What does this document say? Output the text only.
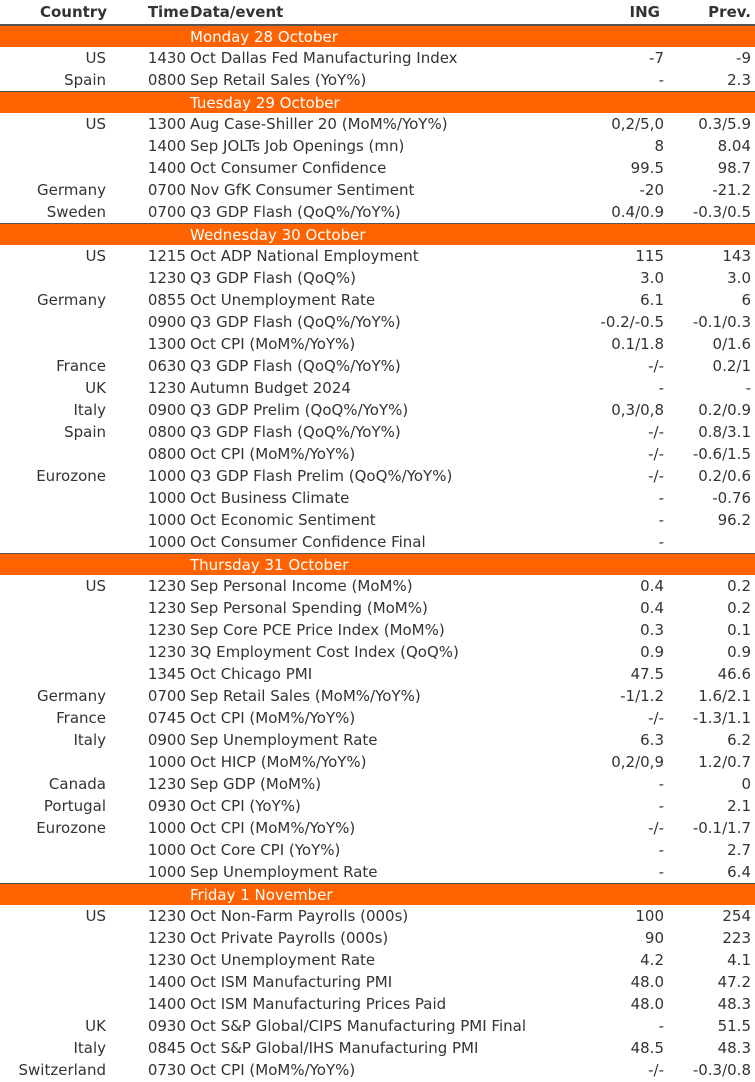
Country	Time Data/event	ING	Prev.
Monday 28 October
US	1430 Oct Dallas Fed Manufacturing Index	-7	-9
Spain	0800 Sep Retail Sales (YoY%)	-	2.3
Tuesday 29 October
US	1300 Aug Case-Shiller 20 (MoM%/YoY%)	0,2/5,0 0.3/5.9
1400 Sep JOLTs Job Openings (mn)	8	8.04
1400 Oct Consumer Confidence	99.5	98.7
Germany	0700 Nov GfK Consumer Sentiment	-20	-21.2
Sweden	0700 Q3 GDP Flash (QoQ%/YoY%)	0.4/0.9 -0.3/0.5
Wednesday 30 October
US	1215 Oct ADP National Employment	115	143
1230 Q3 GDP Flash (QoQ%)	3.0	3.0
Germany	0855 Oct Unemployment Rate	6.1	6
0900 Q3 GDP Flash (QoQ%/YoY%)	-0.2/-0.5 -0.1/0.3
1300 Oct CPI (MoM%/YoY%)	0.1/1.8	0/1.6
France	0630 Q3 GDP Flash (QoQ%/YoY%)	-/-	0.2/1
UK	1230 Autumn Budget 2024	-	-
Italy	0900 Q3 GDP Prelim (QoQ%/YoY%)	0,3/0,8 0.2/0.9
Spain	0800 Q3 GDP Flash (QoQ%/YoY%)	-/- 0.8/3.1
0800 Oct CPI (MoM%/YoY%)	-/- -0.6/1.5
Eurozone	1000 Q3 GDP Flash Prelim (QoQ%/YoY%)	-/- 0.2/0.6
1000 Oct Business Climate	-	-0.76
1000 Oct Economic Sentiment	-	96.2
1000 Oct Consumer Confidence Final	-
Thursday 31 October
US	1230 Sep Personal Income (MoM%)	0.4	0.2
1230 Sep Personal Spending (MoM%)	0.4	0.2
1230 Sep Core PCE Price Index (MoM%)	0.3	0.1
1230 3Q Employment Cost Index (QoQ%)	0.9	0.9
1345 Oct Chicago PMI	47.5	46.6
Germany	0700 Sep Retail Sales (MoM%/YoY%)	-1/1.2 1.6/2.1
France	0745 Oct CPI (MoM%/YoY%)	-/- -1.3/1.1
Italy	0900 Sep Unemployment Rate	6.3	6.2
1000 Oct HICP (MoM%/YoY%)	0,2/0,9 1.2/0.7
Canada	1230 Sep GDP (MoM%)	-	0
Portugal	0930 Oct CPI (YoY%)	-	2.1
Eurozone	1000 Oct CPI (MoM%/YoY%)	-/- -0.1/1.7
1000 Oct Core CPI (YoY%)	-	2.7
1000 Sep Unemployment Rate	-	6.4
Friday 1 November
US	1230 Oct Non-Farm Payrolls (000s)	100	254
1230 Oct Private Payrolls (000s)	90	223
1230 Oct Unemployment Rate	4.2	4.1
1400 Oct ISM Manufacturing PMI	48.0	47.2
1400 Oct ISM Manufacturing Prices Paid	48.0	48.3
UK	0930 Oct S&P Global/CIPS Manufacturing PMI Final	-	51.5
Italy	0845 Oct S&P Global/IHS Manufacturing PMI	48.5	48.3
Switzerland	0730 Oct CPI (MoM%/YoY%)	-/- -0.3/0.8
